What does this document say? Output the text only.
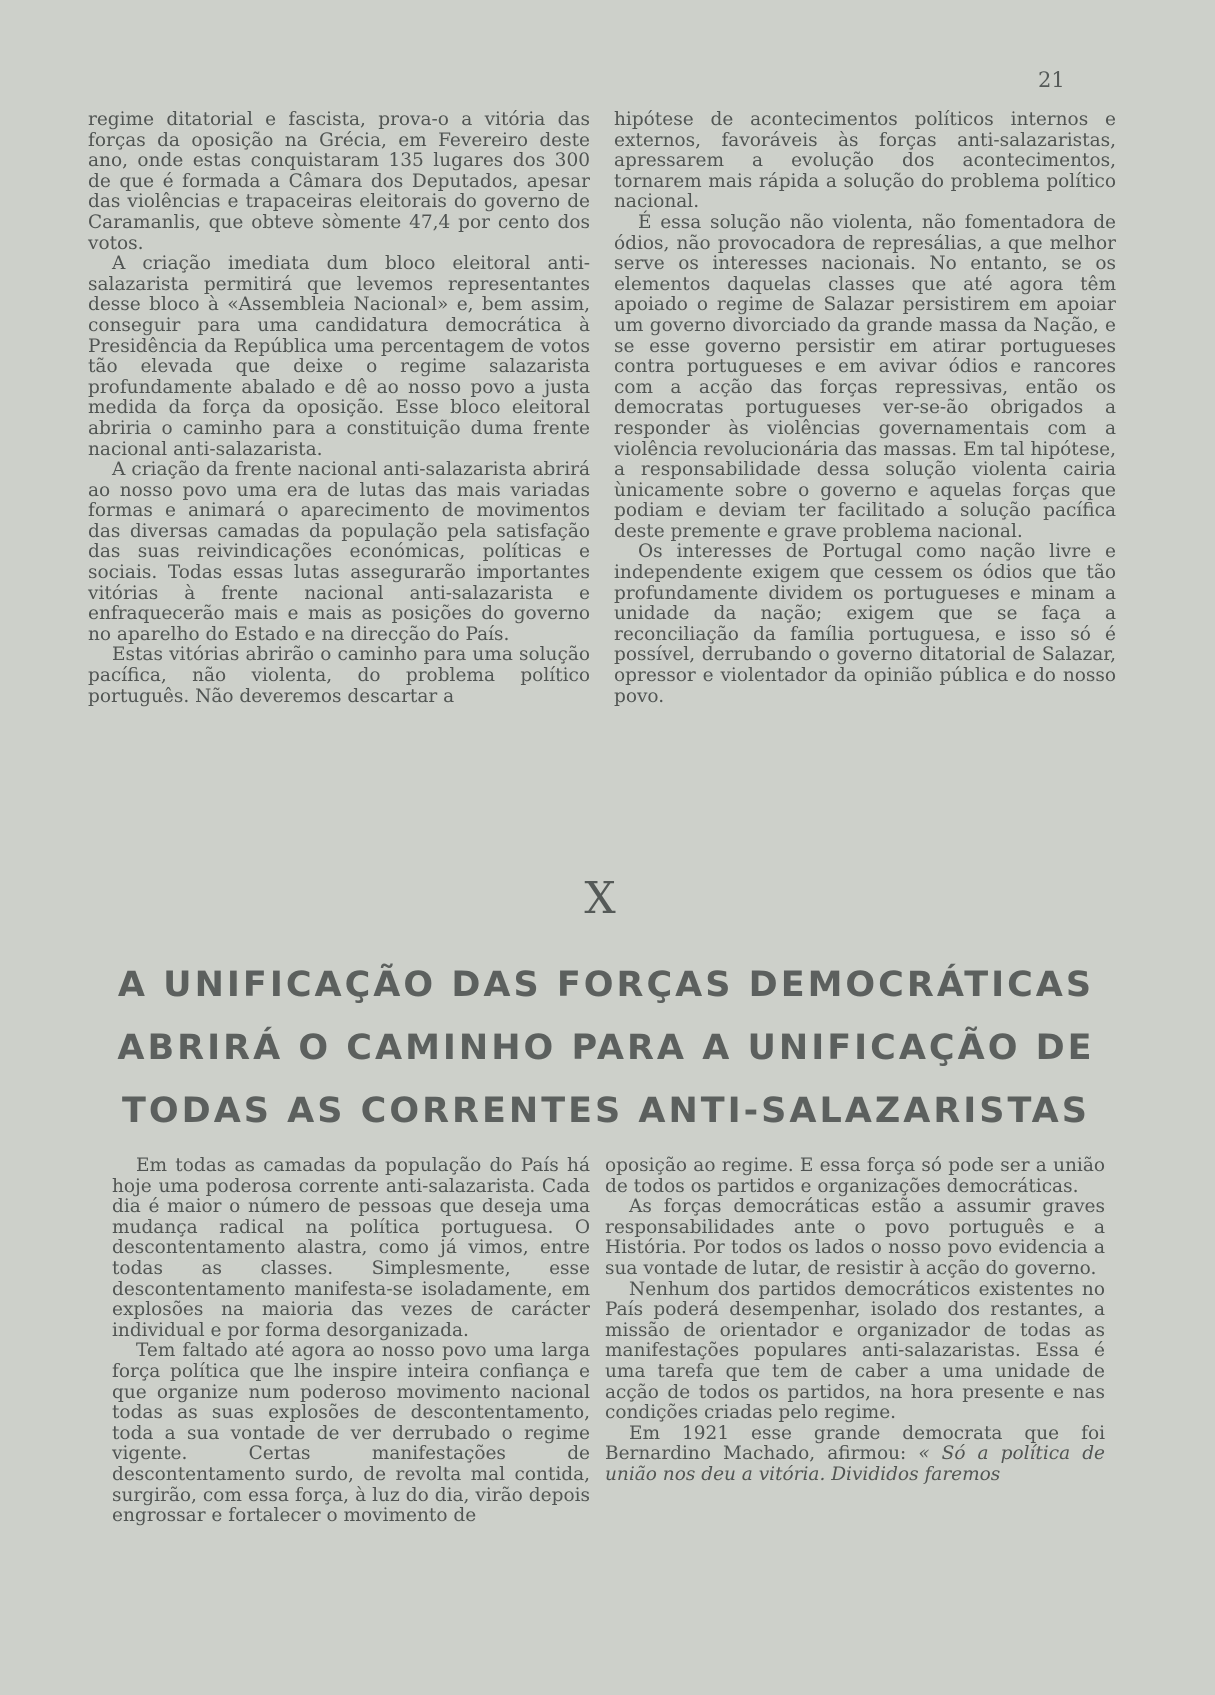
21

regime ditatorial e fascista, prova-o a vitória das forças da oposição na Grécia, em Fevereiro deste ano, onde estas conquistaram 135 lugares dos 300 de que é formada a Câmara dos Deputados, apesar das violências e trapaceiras eleitorais do governo de Caramanlis, que obteve sòmente 47,4 por cento dos votos.

A criação imediata dum bloco eleitoral anti-salazarista permitirá que levemos representantes desse bloco à «Assembleia Nacional» e, bem assim, conseguir para uma candidatura democrática à Presidência da República uma percentagem de votos tão elevada que deixe o regime salazarista profundamente abalado e dê ao nosso povo a justa medida da força da oposição. Esse bloco eleitoral abriria o caminho para a constituição duma frente nacional anti-salazarista.

A criação da frente nacional anti-salazarista abrirá ao nosso povo uma era de lutas das mais variadas formas e animará o aparecimento de movimentos das diversas camadas da população pela satisfação das suas reivindicações económicas, políticas e sociais. Todas essas lutas assegurarão importantes vitórias à frente nacional anti-salazarista e enfraquecerão mais e mais as posições do governo no aparelho do Estado e na direcção do País.

Estas vitórias abrirão o caminho para uma solução pacífica, não violenta, do problema político português. Não deveremos descartar a

hipótese de acontecimentos políticos internos e externos, favoráveis às forças anti-salazaristas, apressarem a evolução dos acontecimentos, tornarem mais rápida a solução do problema político nacional.

É essa solução não violenta, não fomentadora de ódios, não provocadora de represálias, a que melhor serve os interesses nacionais. No entanto, se os elementos daquelas classes que até agora têm apoiado o regime de Salazar persistirem em apoiar um governo divorciado da grande massa da Nação, e se esse governo persistir em atirar portugueses contra portugueses e em avivar ódios e rancores com a acção das forças repressivas, então os democratas portugueses ver-se-ão obrigados a responder às violências governamentais com a violência revolucionária das massas. Em tal hipótese, a responsabilidade dessa solução violenta cairia ùnicamente sobre o governo e aquelas forças que podiam e deviam ter facilitado a solução pacífica deste premente e grave problema nacional.

Os interesses de Portugal como nação livre e independente exigem que cessem os ódios que tão profundamente dividem os portugueses e minam a unidade da nação; exigem que se faça a reconciliação da família portuguesa, e isso só é possível, derrubando o governo ditatorial de Salazar, opressor e violentador da opinião pública e do nosso povo.

X
A UNIFICAÇÃO DAS FORÇAS DEMOCRÁTICAS
ABRIRÁ O CAMINHO PARA A UNIFICAÇÃO DE
TODAS AS CORRENTES ANTI-SALAZARISTAS

Em todas as camadas da população do País há hoje uma poderosa corrente anti-salazarista. Cada dia é maior o número de pessoas que deseja uma mudança radical na política portuguesa. O descontentamento alastra, como já vimos, entre todas as classes. Simplesmente, esse descontentamento manifesta-se isoladamente, em explosões na maioria das vezes de carácter individual e por forma desorganizada.

Tem faltado até agora ao nosso povo uma larga força política que lhe inspire inteira confiança e que organize num poderoso movimento nacional todas as suas explosões de descontentamento, toda a sua vontade de ver derrubado o regime vigente. Certas manifestações de descontentamento surdo, de revolta mal contida, surgirão, com essa força, à luz do dia, virão depois engrossar e fortalecer o movimento de

oposição ao regime. E essa força só pode ser a união de todos os partidos e organizações democráticas.

As forças democráticas estão a assumir graves responsabilidades ante o povo português e a História. Por todos os lados o nosso povo evidencia a sua vontade de lutar, de resistir à acção do governo.

Nenhum dos partidos democráticos existentes no País poderá desempenhar, isolado dos restantes, a missão de orientador e organizador de todas as manifestações populares anti-salazaristas. Essa é uma tarefa que tem de caber a uma unidade de acção de todos os partidos, na hora presente e nas condições criadas pelo regime.

Em 1921 esse grande democrata que foi Bernardino Machado, afirmou: « Só a política de união nos deu a vitória. Divididos faremos
